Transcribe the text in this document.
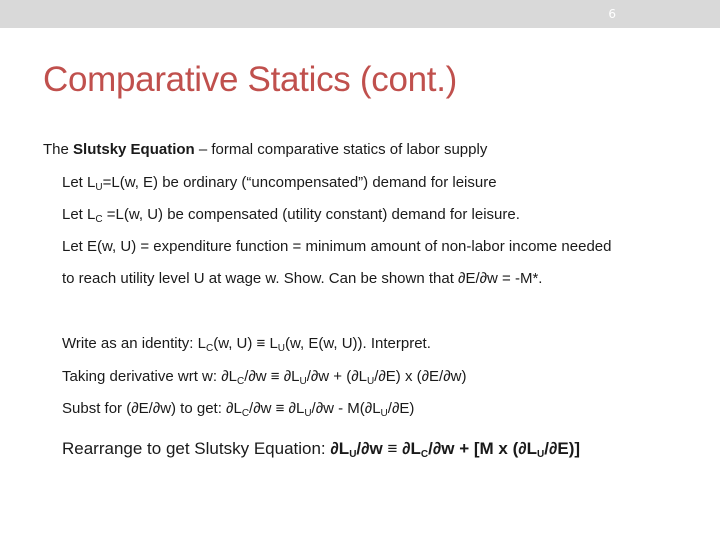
6
Comparative Statics (cont.)
The Slutsky Equation – formal comparative statics of labor supply
Let $L_U=L(w$, E) be ordinary (“uncompensated”) demand for leisure
Let $L_C =L(w$, U) be compensated (utility constant) demand for leisure.
Let E(w, U) = expenditure function = minimum amount of non-labor income needed
to reach utility level U at wage w. Show. Can be shown that ∂E/∂w = -M*.
Write as an identity: $L_C(w$, $U) \equiv L_U(w$, E(w, U)). Interpret.
Taking derivative wrt w: $\partial L_C/\partial w \equiv \partial L_U/\partial w + (\partial L_U/\partial E)$ x (∂E/∂w)
Subst for (∂E/∂w) to get: $\partial L_C/\partial w \equiv \partial L_U/\partial w - M(\partial L_U/\partial E)$
Rearrange to get Slutsky Equation: $\partial L_U/\partial w \equiv \partial L_C/\partial w + [M$ x $(\partial L_U/\partial E)$]
